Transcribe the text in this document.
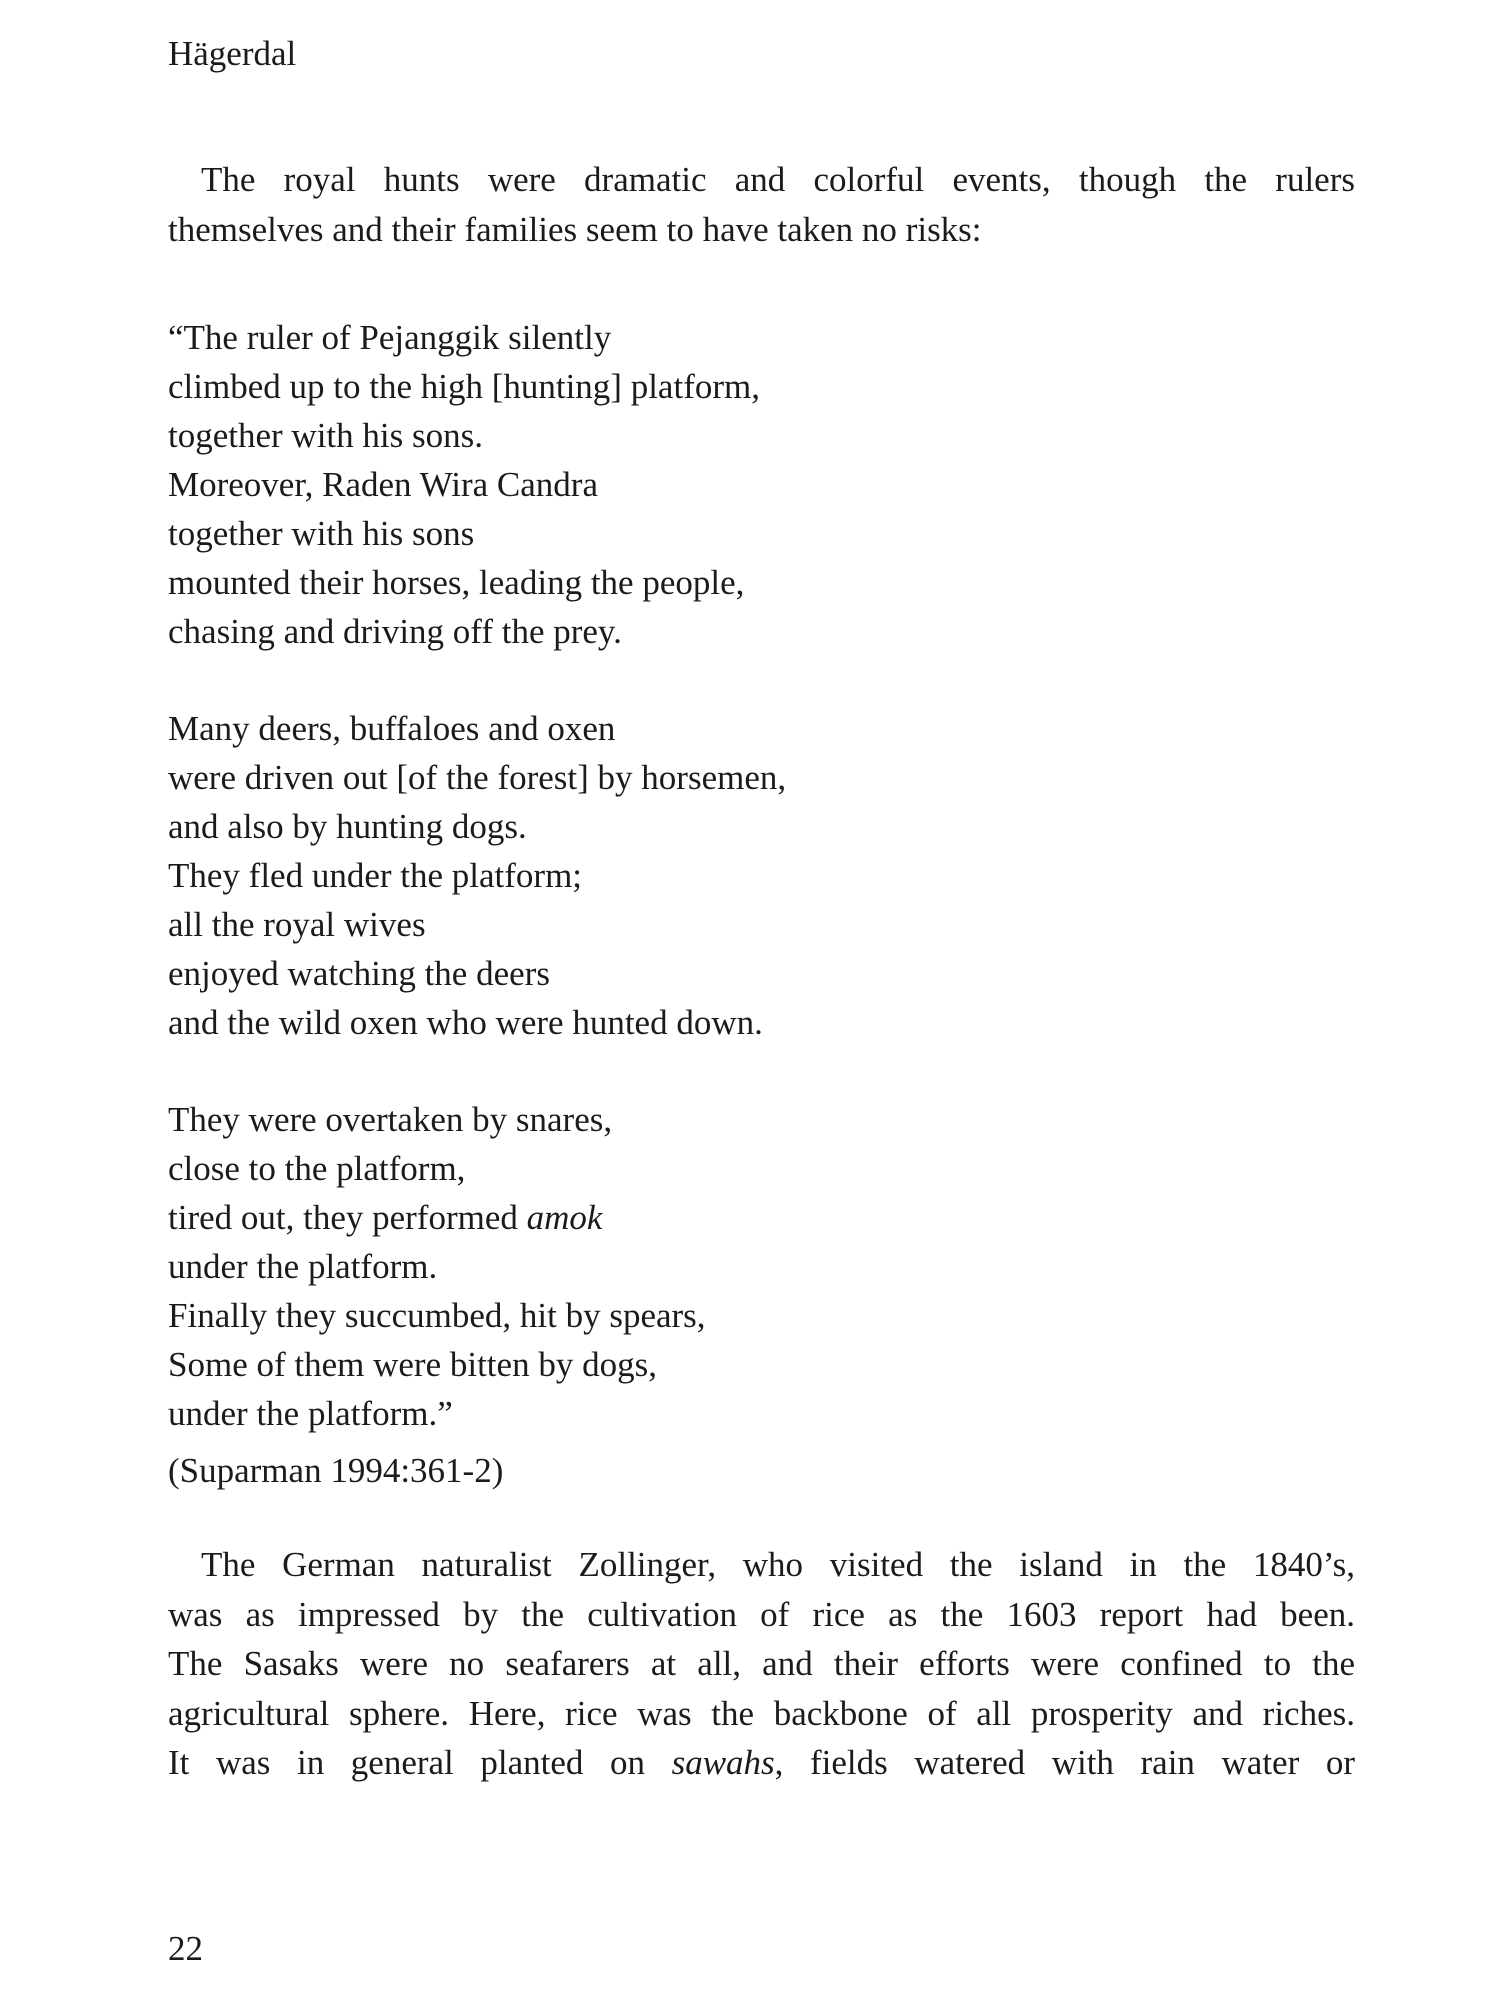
Hägerdal
The royal hunts were dramatic and colorful events, though the rulers
themselves and their families seem to have taken no risks:
“The ruler of Pejanggik silently
climbed up to the high [hunting] platform,
together with his sons.
Moreover, Raden Wira Candra
together with his sons
mounted their horses, leading the people,
chasing and driving off the prey.
Many deers, buffaloes and oxen
were driven out [of the forest] by horsemen,
and also by hunting dogs.
They fled under the platform;
all the royal wives
enjoyed watching the deers
and the wild oxen who were hunted down.
They were overtaken by snares,
close to the platform,
tired out, they performed amok
under the platform.
Finally they succumbed, hit by spears,
Some of them were bitten by dogs,
under the platform.”
(Suparman 1994:361-2)
The German naturalist Zollinger, who visited the island in the 1840’s,
was as impressed by the cultivation of rice as the 1603 report had been.
The Sasaks were no seafarers at all, and their efforts were confined to the
agricultural sphere. Here, rice was the backbone of all prosperity and riches.
It was in general planted on sawahs, fields watered with rain water or
22
